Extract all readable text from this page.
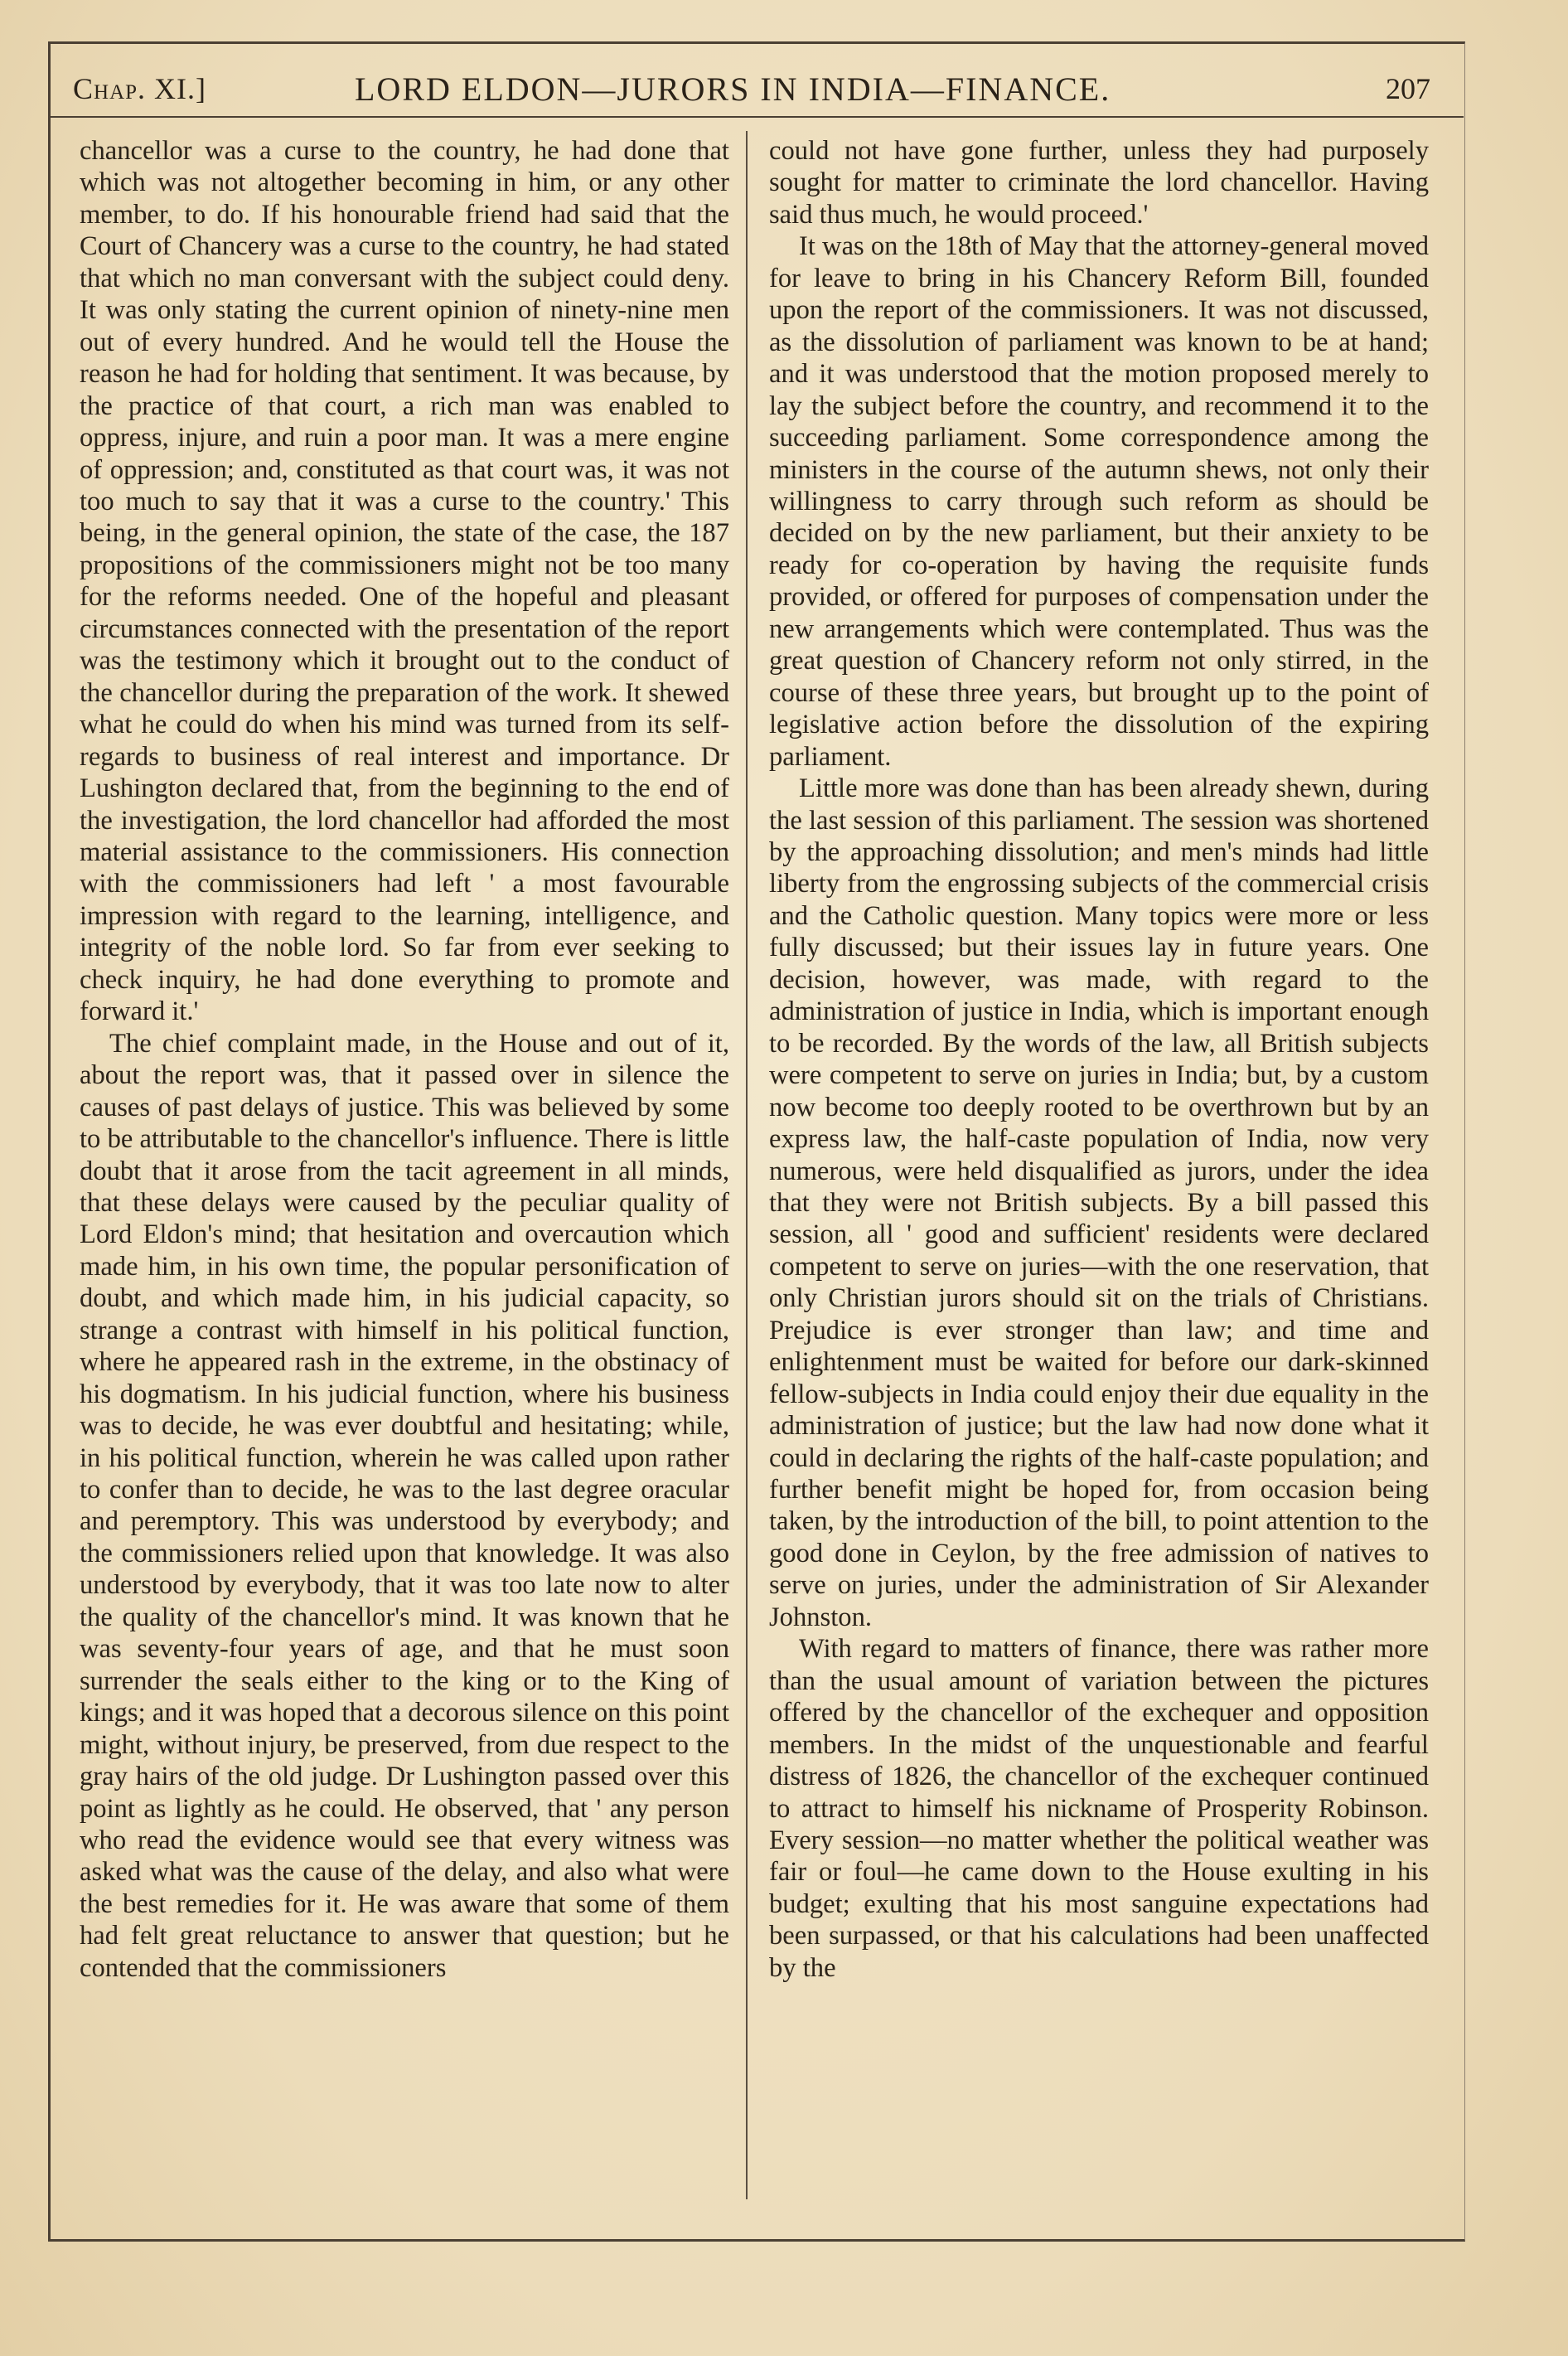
Chap. XI.]	LORD ELDON—JURORS IN INDIA—FINANCE.	207

chancellor was a curse to the country, he had done that which was not altogether becoming in him, or any other member, to do. If his honourable friend had said that the Court of Chancery was a curse to the country, he had stated that which no man conversant with the subject could deny. It was only stating the current opinion of ninety-nine men out of every hundred. And he would tell the House the reason he had for holding that sentiment. It was because, by the practice of that court, a rich man was enabled to oppress, injure, and ruin a poor man. It was a mere engine of oppression; and, constituted as that court was, it was not too much to say that it was a curse to the country.' This being, in the general opinion, the state of the case, the 187 propositions of the commissioners might not be too many for the reforms needed. One of the hopeful and pleasant circumstances connected with the presentation of the report was the testimony which it brought out to the conduct of the chancellor during the preparation of the work. It shewed what he could do when his mind was turned from its self-regards to business of real interest and importance. Dr Lushington declared that, from the beginning to the end of the investigation, the lord chancellor had afforded the most material assistance to the commissioners. His connection with the commissioners had left ' a most favourable impression with regard to the learning, intelligence, and integrity of the noble lord. So far from ever seeking to check inquiry, he had done everything to promote and forward it.'

The chief complaint made, in the House and out of it, about the report was, that it passed over in silence the causes of past delays of justice. This was believed by some to be attributable to the chancellor's influence. There is little doubt that it arose from the tacit agreement in all minds, that these delays were caused by the peculiar quality of Lord Eldon's mind; that hesitation and overcaution which made him, in his own time, the popular personification of doubt, and which made him, in his judicial capacity, so strange a contrast with himself in his political function, where he appeared rash in the extreme, in the obstinacy of his dogmatism. In his judicial function, where his business was to decide, he was ever doubtful and hesitating; while, in his political function, wherein he was called upon rather to confer than to decide, he was to the last degree oracular and peremptory. This was understood by everybody; and the commissioners relied upon that knowledge. It was also understood by everybody, that it was too late now to alter the quality of the chancellor's mind. It was known that he was seventy-four years of age, and that he must soon surrender the seals either to the king or to the King of kings; and it was hoped that a decorous silence on this point might, without injury, be preserved, from due respect to the gray hairs of the old judge. Dr Lushington passed over this point as lightly as he could. He observed, that ' any person who read the evidence would see that every witness was asked what was the cause of the delay, and also what were the best remedies for it. He was aware that some of them had felt great reluctance to answer that question; but he contended that the commissioners

could not have gone further, unless they had purposely sought for matter to criminate the lord chancellor. Having said thus much, he would proceed.'

It was on the 18th of May that the attorney-general moved for leave to bring in his Chancery Reform Bill, founded upon the report of the commissioners. It was not discussed, as the dissolution of parliament was known to be at hand; and it was understood that the motion proposed merely to lay the subject before the country, and recommend it to the succeeding parliament. Some correspondence among the ministers in the course of the autumn shews, not only their willingness to carry through such reform as should be decided on by the new parliament, but their anxiety to be ready for co-operation by having the requisite funds provided, or offered for purposes of compensation under the new arrangements which were contemplated. Thus was the great question of Chancery reform not only stirred, in the course of these three years, but brought up to the point of legislative action before the dissolution of the expiring parliament.

Little more was done than has been already shewn, during the last session of this parliament. The session was shortened by the approaching dissolution; and men's minds had little liberty from the engrossing subjects of the commercial crisis and the Catholic question. Many topics were more or less fully discussed; but their issues lay in future years. One decision, however, was made, with regard to the administration of justice in India, which is important enough to be recorded. By the words of the law, all British subjects were competent to serve on juries in India; but, by a custom now become too deeply rooted to be overthrown but by an express law, the half-caste population of India, now very numerous, were held disqualified as jurors, under the idea that they were not British subjects. By a bill passed this session, all ' good and sufficient' residents were declared competent to serve on juries—with the one reservation, that only Christian jurors should sit on the trials of Christians. Prejudice is ever stronger than law; and time and enlightenment must be waited for before our dark-skinned fellow-subjects in India could enjoy their due equality in the administration of justice; but the law had now done what it could in declaring the rights of the half-caste population; and further benefit might be hoped for, from occasion being taken, by the introduction of the bill, to point attention to the good done in Ceylon, by the free admission of natives to serve on juries, under the administration of Sir Alexander Johnston.

With regard to matters of finance, there was rather more than the usual amount of variation between the pictures offered by the chancellor of the exchequer and opposition members. In the midst of the unquestionable and fearful distress of 1826, the chancellor of the exchequer continued to attract to himself his nickname of Prosperity Robinson. Every session—no matter whether the political weather was fair or foul—he came down to the House exulting in his budget; exulting that his most sanguine expectations had been surpassed, or that his calculations had been unaffected by the
